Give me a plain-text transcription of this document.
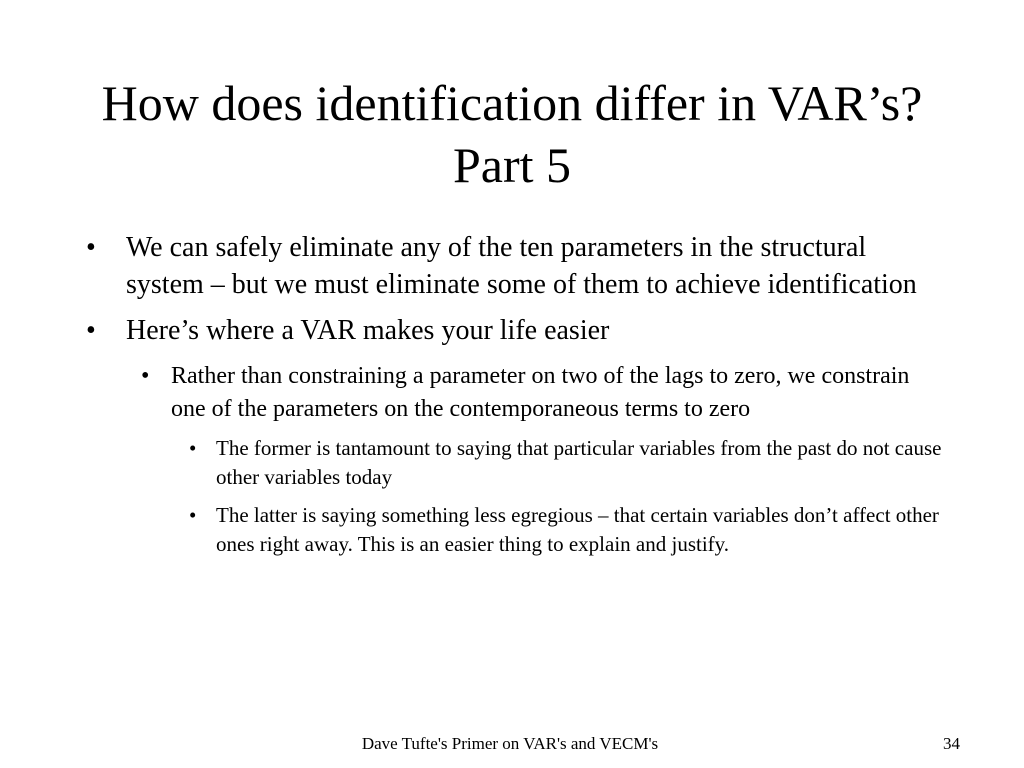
How does identification differ in VAR’s? Part 5
• We can safely eliminate any of the ten parameters in the structural system – but we must eliminate some of them to achieve identification
• Here’s where a VAR makes your life easier
• Rather than constraining a parameter on two of the lags to zero, we constrain one of the parameters on the contemporaneous terms to zero
• The former is tantamount to saying that particular variables from the past do not cause other variables today
• The latter is saying something less egregious – that certain variables don’t affect other ones right away. This is an easier thing to explain and justify.
Dave Tufte's Primer on VAR's and VECM's	34
